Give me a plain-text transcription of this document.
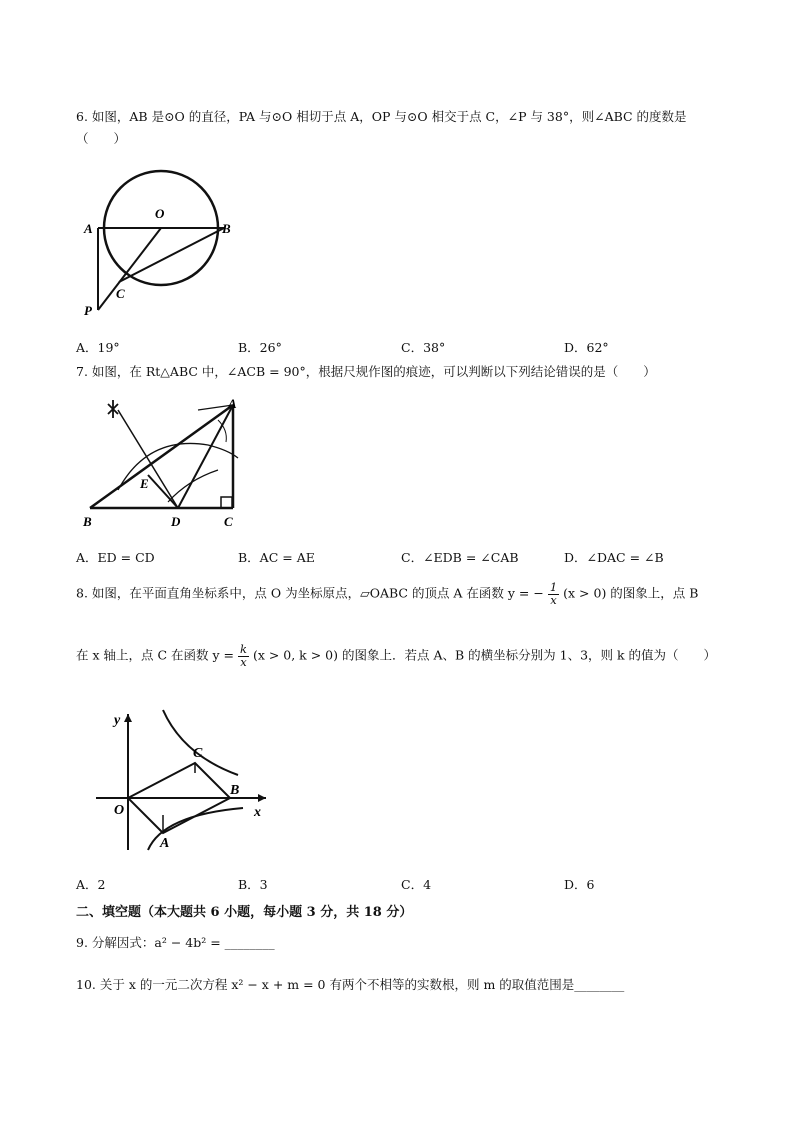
6. 如图，AB 是⊙O 的直径，PA 与⊙O 相切于点 A，OP 与⊙O 相交于点 C，∠P 与 38°，则∠ABC 的度数是
（　　）
A
O
B
C
P
A．19°	B．26°	C．38°	D．62°
7. 如图，在 Rt△ABC 中，∠ACB = 90°，根据尺规作图的痕迹，可以判断以下列结论错误的是（　　）
A
B	D	C
E
A．ED = CD	B．AC = AE	C．∠EDB = ∠CAB	D．∠DAC = ∠B
8. 如图，在平面直角坐标系中，点 O 为坐标原点，▱OABC 的顶点 A 在函数 y = − $\frac{1}{x} (x > 0)$ 的图象上，点 B
在 x 轴上，点 C 在函数 $y = \frac{k}{x} (x > 0$, k > 0) 的图象上．若点 A、B 的横坐标分别为 1、3，则 k 的值为（　　）
y
x
O
A
B
C
A．2	B．3	C．4	D．6
二、填空题（本大题共 6 小题，每小题 3 分，共 18 分）
9. 分解因式：a² − 4b² = ________
10. 关于 x 的一元二次方程 x² − x + m = 0 有两个不相等的实数根，则 m 的取值范围是________
